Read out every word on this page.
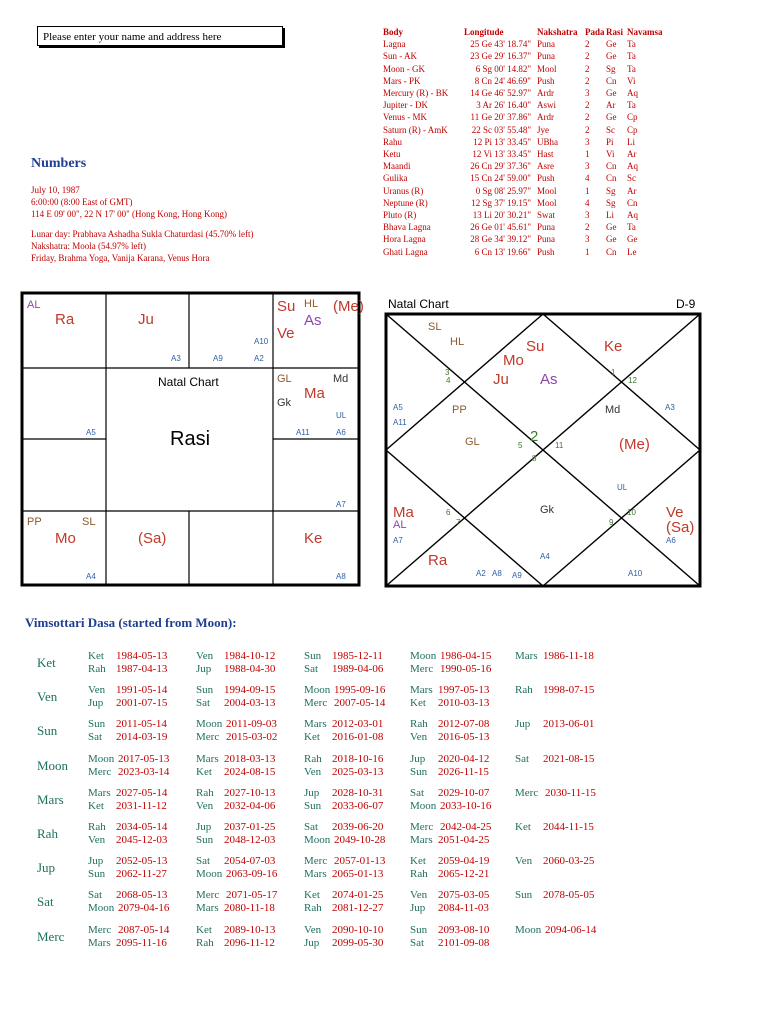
Please enter your name and address here
Numbers
July 10, 1987
6:00:00 (8:00 East of GMT)
114 E 09' 00", 22 N 17' 00" (Hong Kong, Hong Kong)
Lunar day: Prabhava Ashadha Sukla Chaturdasi (45.70% left)
Nakshatra: Moola (54.97% left)
Friday, Brahma Yoga, Vanija Karana, Venus Hora
Body	Longitude	Nakshatra	Pada	Rasi	Navamsa
Lagna	25 Ge 43' 18.74"	Puna	2	Ge	Ta
Sun - AK	23 Ge 29' 16.37"	Puna	2	Ge	Ta
Moon - GK	6 Sg 00' 14.82"	Mool	2	Sg	Ta
Mars - PK	8 Cn 24' 46.69"	Push	2	Cn	Vi
Mercury (R) - BK	14 Ge 46' 52.97"	Ardr	3	Ge	Aq
Jupiter - DK	3 Ar 26' 16.40"	Aswi	2	Ar	Ta
Venus - MK	11 Ge 20' 37.86"	Ardr	2	Ge	Cp
Saturn (R) - AmK	22 Sc 03' 55.48"	Jye	2	Sc	Cp
Rahu	12 Pi 13' 33.45"	UBha	3	Pi	Li
Ketu	12 Vi 13' 33.45"	Hast	1	Vi	Ar
Maandi	26 Cn 29' 37.36"	Asre	3	Cn	Aq
Gulika	15 Cn 24' 59.00"	Push	4	Cn	Sc
Uranus (R)	0 Sg 08' 25.97"	Mool	1	Sg	Ar
Neptune (R)	12 Sg 37' 19.15"	Mool	4	Sg	Cn
Pluto (R)	13 Li 20' 30.21"	Swat	3	Li	Aq
Bhava Lagna	26 Ge 01' 45.61"	Puna	2	Ge	Ta
Hora Lagna	28 Ge 34' 39.12"	Puna	3	Ge	Ge
Ghati Lagna	6 Cn 13' 19.66"	Push	1	Cn	Le
AL
Ra	Ju
A3	A9	A2
Su HL (Me)
As
Ve
A10
Natal Chart
Rasi
A5
GL	Md
Ma
Gk
UL
A11	A6
A7
PP	SL
Mo
A4
(Sa)	Ke
A8
Natal Chart	D-9
SL
HL
Mo
Su	Ke
3
4	Ju As	1
12
A5	PP	Md	A3
A11
GL	5
2
8
11	(Me)
UL
Ma	6
7
Gk
9
10 Ve
AL	(Sa)
A7	A6
Ra	A4
A2 A8 A9	A10
Vimsottari Dasa (started from Moon):
Ket	Ket 1984-05-13	Ven 1984-10-12	Sun 1985-12-11 Moon 1986-04-15 Mars 1986-11-18
Rah 1987-04-13	Jup 1988-04-30	Sat 1989-04-06 Merc 1990-05-16
Ven	Ven 1991-05-14	Sun 1994-09-15	Moon 1995-09-16 Mars 1997-05-13 Rah 1998-07-15
Jup 2001-07-15	Sat 2004-03-13	Merc 2007-05-14 Ket 2010-03-13
Sun	Sun 2011-05-14	Moon 2011-09-03 Mars 2012-03-01 Rah 2012-07-08 Jup 2013-06-01
Sat 2014-03-19	Merc 2015-03-02 Ket 2016-01-08 Ven 2016-05-13
Moon Moon 2017-05-13 Mars 2018-03-13	Rah 2018-10-16 Jup 2020-04-12 Sat 2021-08-15
Merc 2023-03-14 Ket 2024-08-15	Ven 2025-03-13 Sun 2026-11-15
Mars Mars 2027-05-14	Rah 2027-10-13	Jup 2028-10-31 Sat 2029-10-07 Merc 2030-11-15
Ket 2031-11-12	Ven 2032-04-06	Sun 2033-06-07 Moon 2033-10-16
Rah	Rah 2034-05-14	Jup 2037-01-25	Sat 2039-06-20 Merc 2042-04-25 Ket 2044-11-15
Ven 2045-12-03	Sun 2048-12-03	Moon 2049-10-28 Mars 2051-04-25
Jup	Jup 2052-05-13	Sat 2054-07-03	Merc 2057-01-13 Ket 2059-04-19 Ven 2060-03-25
Sun 2062-11-27	Moon 2063-09-16 Mars 2065-01-13 Rah 2065-12-21
Sat	Sat 2068-05-13	Merc 2071-05-17 Ket 2074-01-25 Ven 2075-03-05 Sun 2078-05-05
Moon 2079-04-16 Mars 2080-11-18	Rah 2081-12-27 Jup 2084-11-03
Merc Merc 2087-05-14 Ket 2089-10-13	Ven 2090-10-10 Sun 2093-08-10 Moon 2094-06-14
Mars 2095-11-16	Rah 2096-11-12	Jup 2099-05-30 Sat 2101-09-08
